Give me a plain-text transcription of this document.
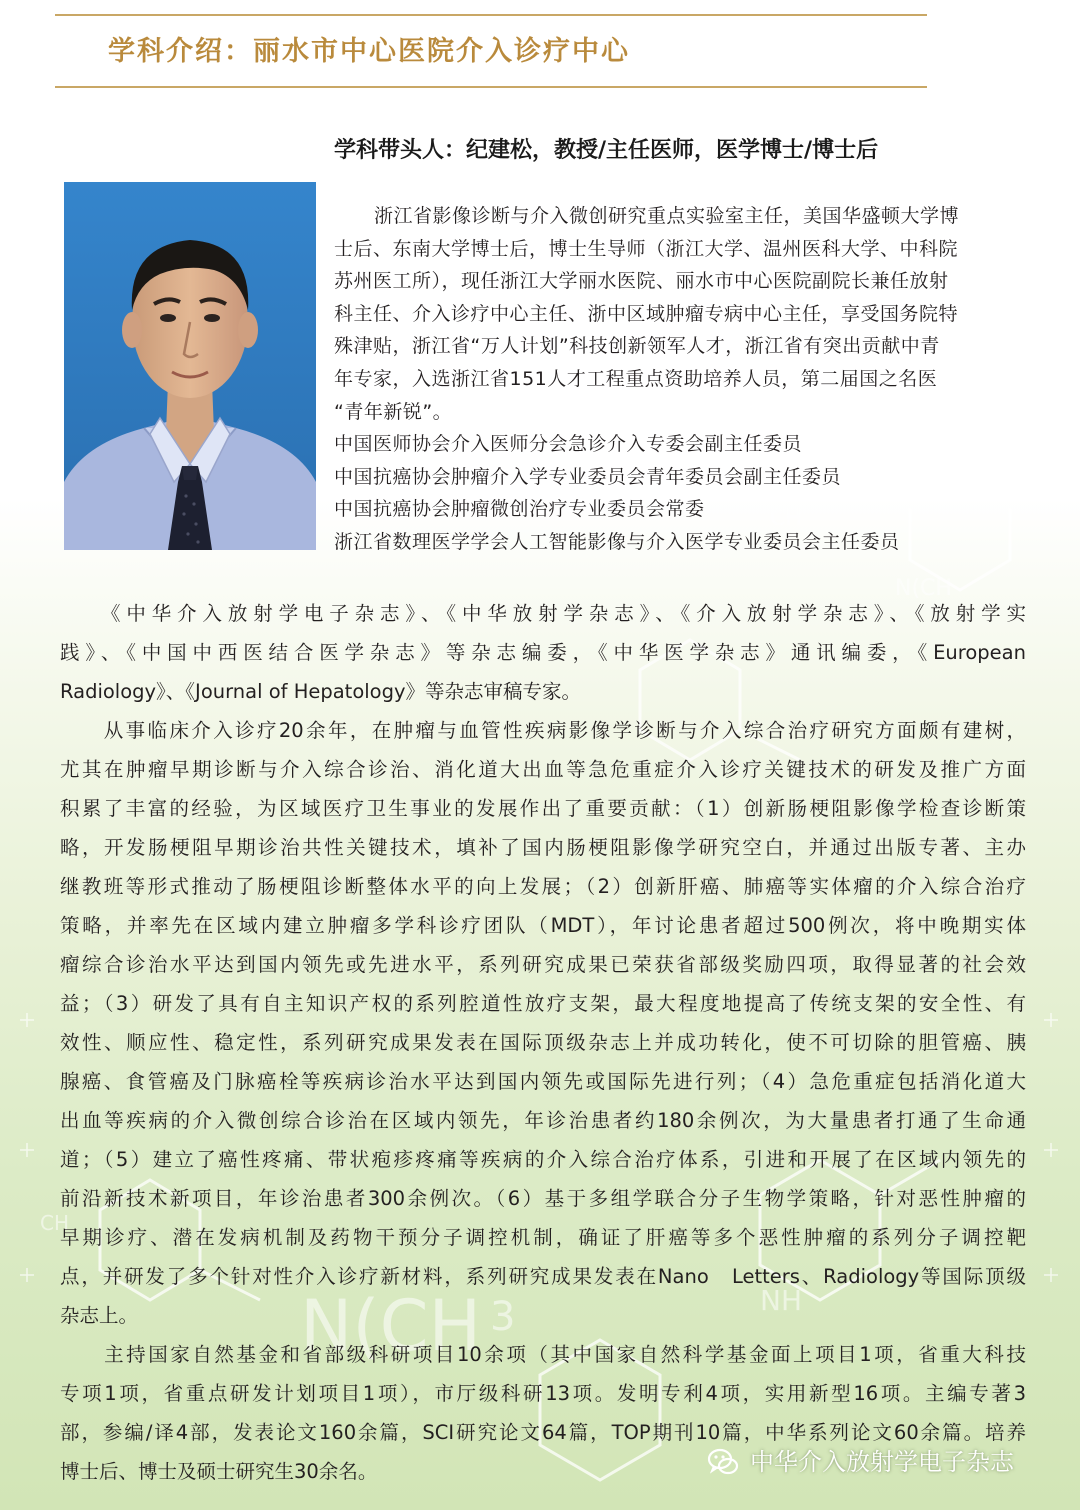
OH
CH
N(CH
N(CH 3	NH
CH
学科介绍：丽水市中心医院介入诊疗中心
学科带头人：纪建松，教授/主任医师，医学博士/博士后

浙江省影像诊断与介入微创研究重点实验室主任，美国华盛顿大学博

士后、东南大学博士后，博士生导师（浙江大学、温州医科大学、中科院

苏州医工所），现任浙江大学丽水医院、丽水市中心医院副院长兼任放射

科主任、介入诊疗中心主任、浙中区域肿瘤专病中心主任，享受国务院特

殊津贴，浙江省“万人计划”科技创新领军人才，浙江省有突出贡献中青

年专家，入选浙江省151人才工程重点资助培养人员，第二届国之名医

“青年新锐”。

中国医师协会介入医师分会急诊介入专委会副主任委员

中国抗癌协会肿瘤介入学专业委员会青年委员会副主任委员

中国抗癌协会肿瘤微创治疗专业委员会常委

浙江省数理医学学会人工智能影像与介入医学专业委员会主任委员

　　《中华介入放射学电子杂志》、《中华放射学杂志》、《介入放射学杂志》、《放射学实
践》、《中国中西医结合医学杂志》等杂志编委，《中华医学杂志》通讯编委，《European
Radiology》、《Journal of Hepatology》等杂志审稿专家。

　　从事临床介入诊疗20余年，在肿瘤与血管性疾病影像学诊断与介入综合治疗研究方面颇有建树，
尤其在肿瘤早期诊断与介入综合诊治、消化道大出血等急危重症介入诊疗关键技术的研发及推广方面
积累了丰富的经验，为区域医疗卫生事业的发展作出了重要贡献：（1）创新肠梗阻影像学检查诊断策
略，开发肠梗阻早期诊治共性关键技术，填补了国内肠梗阻影像学研究空白，并通过出版专著、主办
继教班等形式推动了肠梗阻诊断整体水平的向上发展；（2）创新肝癌、肺癌等实体瘤的介入综合治疗
策略，并率先在区域内建立肿瘤多学科诊疗团队（MDT），年讨论患者超过500例次，将中晚期实体
瘤综合诊治水平达到国内领先或先进水平，系列研究成果已荣获省部级奖励四项，取得显著的社会效
益；（3）研发了具有自主知识产权的系列腔道性放疗支架，最大程度地提高了传统支架的安全性、有
效性、顺应性、稳定性，系列研究成果发表在国际顶级杂志上并成功转化，使不可切除的胆管癌、胰
腺癌、食管癌及门脉癌栓等疾病诊治水平达到国内领先或国际先进行列；（4）急危重症包括消化道大
出血等疾病的介入微创综合诊治在区域内领先，年诊治患者约180余例次，为大量患者打通了生命通
道；（5）建立了癌性疼痛、带状疱疹疼痛等疾病的介入综合治疗体系，引进和开展了在区域内领先的
前沿新技术新项目，年诊治患者300余例次。（6）基于多组学联合分子生物学策略，针对恶性肿瘤的
早期诊疗、潜在发病机制及药物干预分子调控机制，确证了肝癌等多个恶性肿瘤的系列分子调控靶
点，并研发了多个针对性介入诊疗新材料，系列研究成果发表在Nano　Letters、Radiology等国际顶级
杂志上。

　　主持国家自然基金和省部级科研项目10余项（其中国家自然科学基金面上项目1项，省重大科技
专项1项，省重点研发计划项目1项），市厅级科研13项。发明专利4项，实用新型16项。主编专著3
部，参编/译4部，发表论文160余篇，SCI研究论文64篇，TOP期刊10篇，中华系列论文60余篇。培养
博士后、博士及硕士研究生30余名。	中华介入放射学电子杂志
